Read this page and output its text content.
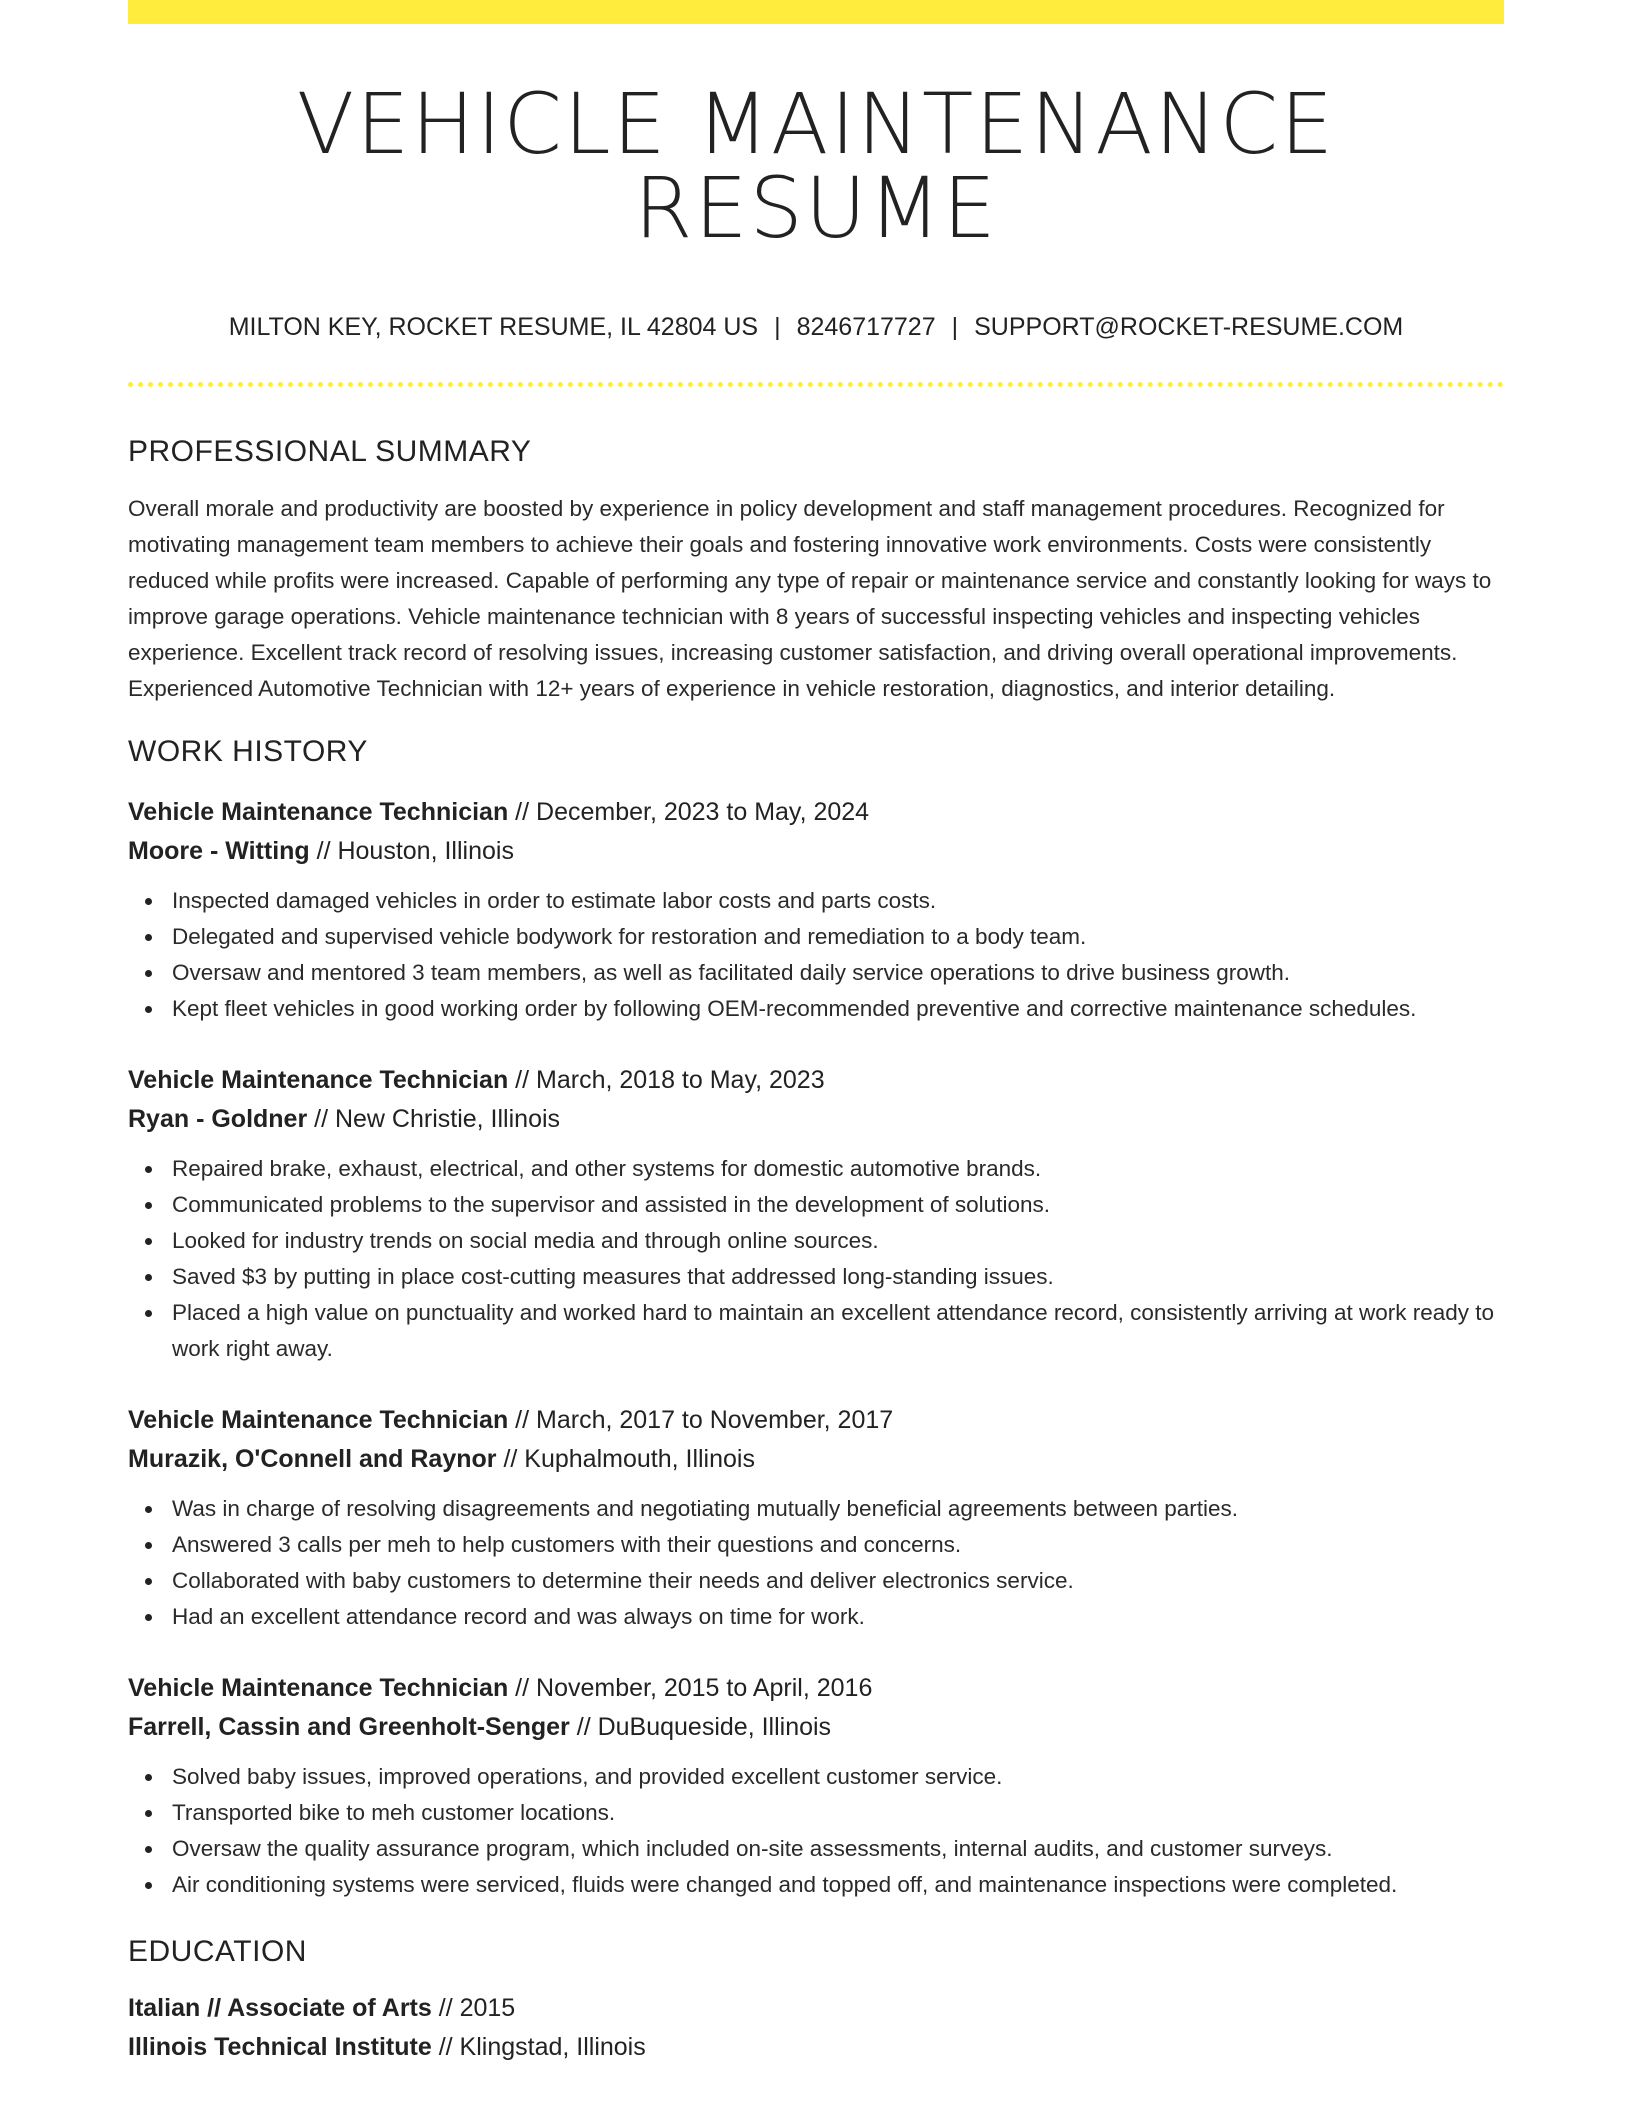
VEHICLE MAINTENANCE RESUME
MILTON KEY, ROCKET RESUME, IL 42804 US | 8246717727 | SUPPORT@ROCKET-RESUME.COM
PROFESSIONAL SUMMARY

Overall morale and productivity are boosted by experience in policy development and staff management procedures. Recognized for motivating management team members to achieve their goals and fostering innovative work environments. Costs were consistently reduced while profits were increased. Capable of performing any type of repair or maintenance service and constantly looking for ways to improve garage operations. Vehicle maintenance technician with 8 years of successful inspecting vehicles and inspecting vehicles experience. Excellent track record of resolving issues, increasing customer satisfaction, and driving overall operational improvements. Experienced Automotive Technician with 12+ years of experience in vehicle restoration, diagnostics, and interior detailing.

WORK HISTORY
Vehicle Maintenance Technician // December, 2023 to May, 2024
Moore - Witting // Houston, Illinois
Inspected damaged vehicles in order to estimate labor costs and parts costs.
Delegated and supervised vehicle bodywork for restoration and remediation to a body team.
Oversaw and mentored 3 team members, as well as facilitated daily service operations to drive business growth.
Kept fleet vehicles in good working order by following OEM-recommended preventive and corrective maintenance schedules.
Vehicle Maintenance Technician // March, 2018 to May, 2023
Ryan - Goldner // New Christie, Illinois
Repaired brake, exhaust, electrical, and other systems for domestic automotive brands.
Communicated problems to the supervisor and assisted in the development of solutions.
Looked for industry trends on social media and through online sources.
Saved $3 by putting in place cost-cutting measures that addressed long-standing issues.
Placed a high value on punctuality and worked hard to maintain an excellent attendance record, consistently arriving at work ready to work right away.
Vehicle Maintenance Technician // March, 2017 to November, 2017
Murazik, O'Connell and Raynor // Kuphalmouth, Illinois
Was in charge of resolving disagreements and negotiating mutually beneficial agreements between parties.
Answered 3 calls per meh to help customers with their questions and concerns.
Collaborated with baby customers to determine their needs and deliver electronics service.
Had an excellent attendance record and was always on time for work.
Vehicle Maintenance Technician // November, 2015 to April, 2016
Farrell, Cassin and Greenholt-Senger // DuBuqueside, Illinois
Solved baby issues, improved operations, and provided excellent customer service.
Transported bike to meh customer locations.
Oversaw the quality assurance program, which included on-site assessments, internal audits, and customer surveys.
Air conditioning systems were serviced, fluids were changed and topped off, and maintenance inspections were completed.
EDUCATION
Italian // Associate of Arts // 2015
Illinois Technical Institute // Klingstad, Illinois
